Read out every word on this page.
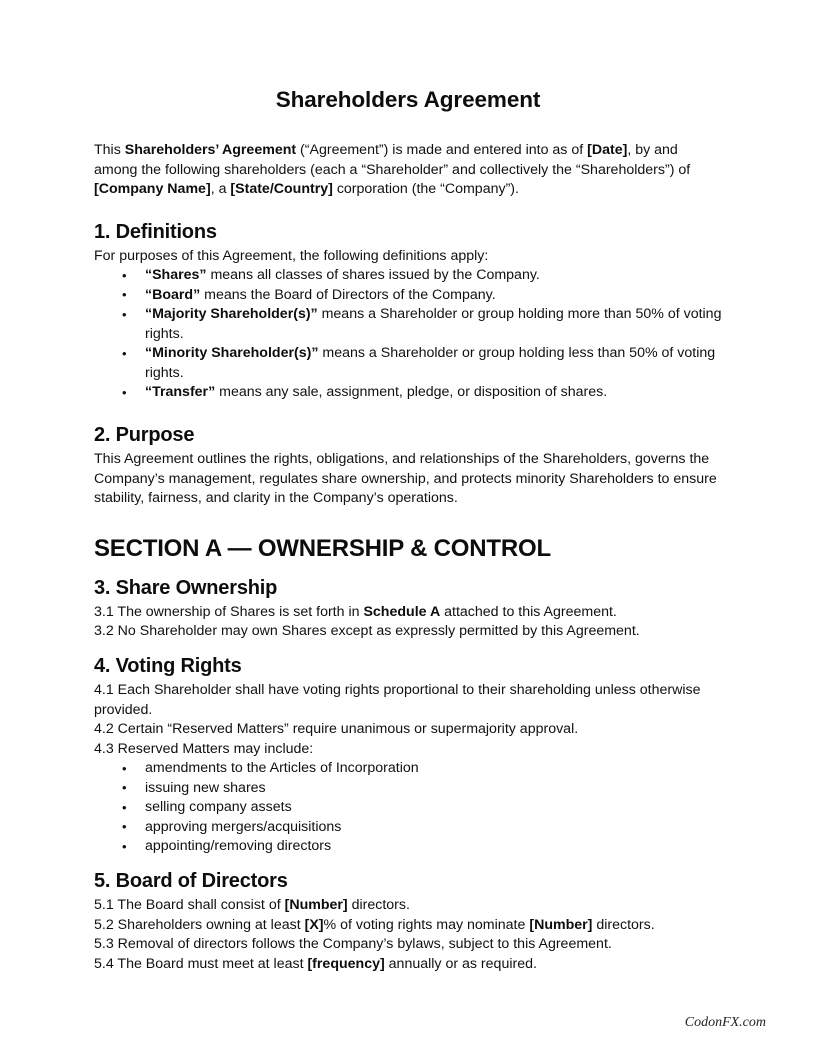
Shareholders Agreement

This Shareholders’ Agreement (“Agreement”) is made and entered into as of [Date], by and among the following shareholders (each a “Shareholder” and collectively the “Shareholders”) of [Company Name], a [State/Country] corporation (the “Company”).

1. Definitions

For purposes of this Agreement, the following definitions apply:

• “Shares” means all classes of shares issued by the Company.
• “Board” means the Board of Directors of the Company.
• “Majority Shareholder(s)” means a Shareholder or group holding more than 50% of voting rights.
• “Minority Shareholder(s)” means a Shareholder or group holding less than 50% of voting rights.
• “Transfer” means any sale, assignment, pledge, or disposition of shares.
2. Purpose

This Agreement outlines the rights, obligations, and relationships of the Shareholders, governs the Company’s management, regulates share ownership, and protects minority Shareholders to ensure stability, fairness, and clarity in the Company’s operations.

SECTION A — OWNERSHIP & CONTROL
3. Share Ownership

3.1 The ownership of Shares is set forth in Schedule A attached to this Agreement.

3.2 No Shareholder may own Shares except as expressly permitted by this Agreement.

4. Voting Rights

4.1 Each Shareholder shall have voting rights proportional to their shareholding unless otherwise provided.

4.2 Certain “Reserved Matters” require unanimous or supermajority approval.

4.3 Reserved Matters may include:

• amendments to the Articles of Incorporation
• issuing new shares
• selling company assets
• approving mergers/acquisitions
• appointing/removing directors
5. Board of Directors

5.1 The Board shall consist of [Number] directors.

5.2 Shareholders owning at least [X]% of voting rights may nominate [Number] directors.

5.3 Removal of directors follows the Company’s bylaws, subject to this Agreement.

5.4 The Board must meet at least [frequency] annually or as required.

CodonFX.com
